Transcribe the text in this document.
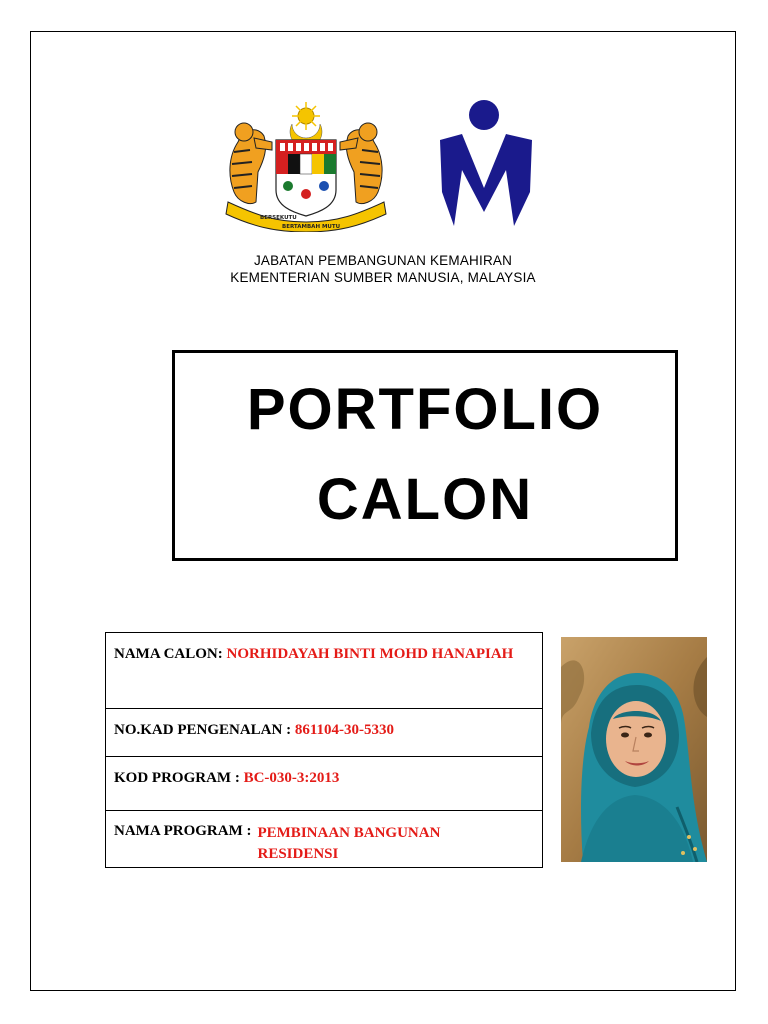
BERSEKUTU
BERTAMBAH MUTU
JABATAN PEMBANGUNAN KEMAHIRAN
KEMENTERIAN SUMBER MANUSIA, MALAYSIA
PORTFOLIO
CALON
NAMA CALON: NORHIDAYAH BINTI MOHD HANAPIAH
NO.KAD PENGENALAN : 861104-30-5330
KOD PROGRAM : BC-030-3:2013
NAMA PROGRAM : PEMBINAAN BANGUNAN
RESIDENSI
